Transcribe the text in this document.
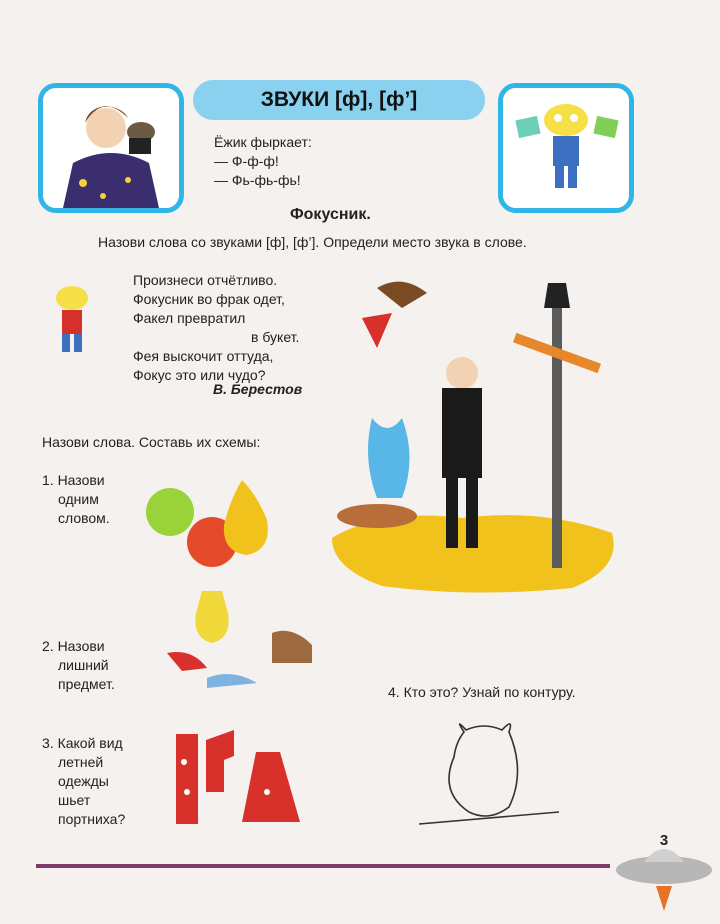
ЗВУКИ [ф], [ф’]
Ёжик фыркает:
— Ф-ф-ф!
— Фь-фь-фь!
Фокусник.
Назови слова со звуками [ф], [ф’]. Определи место звука в слове.
Произнеси отчётливо.
Фокусник во фрак одет,
Факел превратил
в букет.
Фея выскочит оттуда,
Фокус это или чудо?
В. Берестов
Назови слова. Составь их схемы:
1. Назови
одним
словом.
2. Назови
лишний
предмет.	4. Кто это? Узнай по контуру.
3. Какой вид
летней
одежды
шьет
портниха?
3
